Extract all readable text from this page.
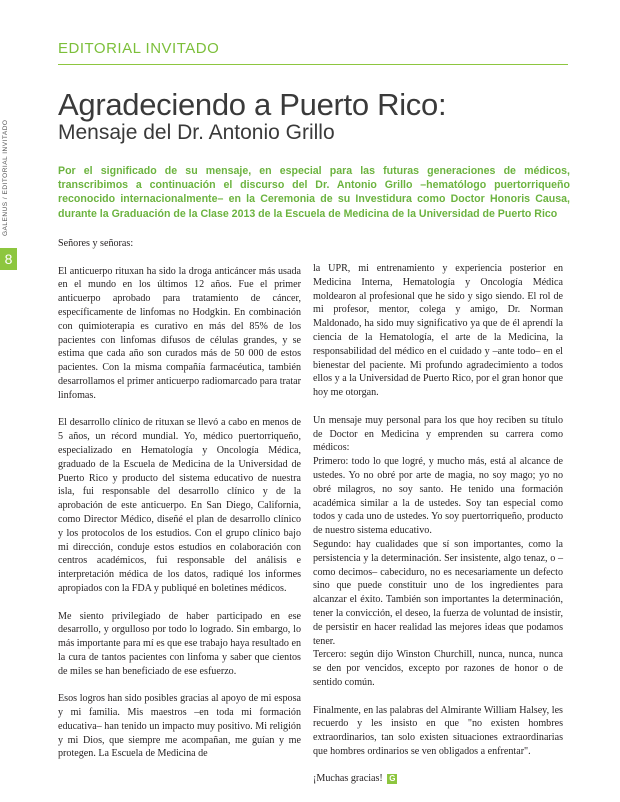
EDITORIAL INVITADO
8
GALENUS / EDITORIAL INVITADO
Agradeciendo a Puerto Rico:
Mensaje del Dr. Antonio Grillo

Por el significado de su mensaje, en especial para las futuras generaciones de médicos, transcribimos a continuación el discurso del Dr. Antonio Grillo –hematólogo puertorriqueño reconocido internacionalmente– en la Ceremonia de su Investidura como Doctor Honoris Causa, durante la Graduación de la Clase 2013 de la Escuela de Medicina de la Universidad de Puerto Rico

Señores y señoras:

El anticuerpo rituxan ha sido la droga anticáncer más usada en el mundo en los últimos 12 años. Fue el primer anticuerpo aprobado para tratamiento de cáncer, específicamente de linfomas no Hodgkin. En combinación con quimioterapia es curativo en más del 85% de los pacientes con linfomas difusos de células grandes, y se estima que cada año son curados más de 50 000 de estos pacientes. Con la misma compañía farmacéutica, también desarrollamos el primer anticuerpo radiomarcado para tratar linfomas.

El desarrollo clínico de rituxan se llevó a cabo en menos de 5 años, un récord mundial. Yo, médico puertorriqueño, especializado en Hematología y Oncología Médica, graduado de la Escuela de Medicina de la Universidad de Puerto Rico y producto del sistema educativo de nuestra isla, fui responsable del desarrollo clínico y de la aprobación de este anticuerpo. En San Diego, California, como Director Médico, diseñé el plan de desarrollo clínico y los protocolos de los estudios. Con el grupo clínico bajo mi dirección, conduje estos estudios en colaboración con centros académicos, fui responsable del análisis e interpretación médica de los datos, radiqué los informes apropiados con la FDA y publiqué en boletines médicos.

Me siento privilegiado de haber participado en ese desarrollo, y orgulloso por todo lo logrado. Sin embargo, lo más importante para mí es que ese trabajo haya resultado en la cura de tantos pacientes con linfoma y saber que cientos de miles se han beneficiado de ese esfuerzo.

Esos logros han sido posibles gracias al apoyo de mi esposa y mi familia. Mis maestros –en toda mi formación educativa– han tenido un impacto muy positivo. Mi religión y mi Dios, que siempre me acompañan, me guían y me protegen. La Escuela de Medicina de

la UPR, mi entrenamiento y experiencia posterior en Medicina Interna, Hematología y Oncología Médica moldearon al profesional que he sido y sigo siendo. El rol de mi profesor, mentor, colega y amigo, Dr. Norman Maldonado, ha sido muy significativo ya que de él aprendí la ciencia de la Hematología, el arte de la Medicina, la responsabilidad del médico en el cuidado y –ante todo– en el bienestar del paciente. Mi profundo agradecimiento a todos ellos y a la Universidad de Puerto Rico, por el gran honor que hoy me otorgan.

Un mensaje muy personal para los que hoy reciben su título de Doctor en Medicina y emprenden su carrera como médicos:

Primero: todo lo que logré, y mucho más, está al alcance de ustedes. Yo no obré por arte de magia, no soy mago; yo no obré milagros, no soy santo. He tenido una formación académica similar a la de ustedes. Soy tan especial como todos y cada uno de ustedes. Yo soy puertorriqueño, producto de nuestro sistema educativo.

Segundo: hay cualidades que sí son importantes, como la persistencia y la determinación. Ser insistente, algo tenaz, o –como decimos– cabeciduro, no es necesariamente un defecto sino que puede constituir uno de los ingredientes para alcanzar el éxito. También son importantes la determinación, tener la convicción, el deseo, la fuerza de voluntad de insistir, de persistir en hacer realidad las mejores ideas que podamos tener.

Tercero: según dijo Winston Churchill, nunca, nunca, nunca se den por vencidos, excepto por razones de honor o de sentido común.

Finalmente, en las palabras del Almirante William Halsey, les recuerdo y les insisto en que "no existen hombres extraordinarios, tan solo existen situaciones extraordinarias que hombres ordinarios se ven obligados a enfrentar".

¡Muchas gracias! G
